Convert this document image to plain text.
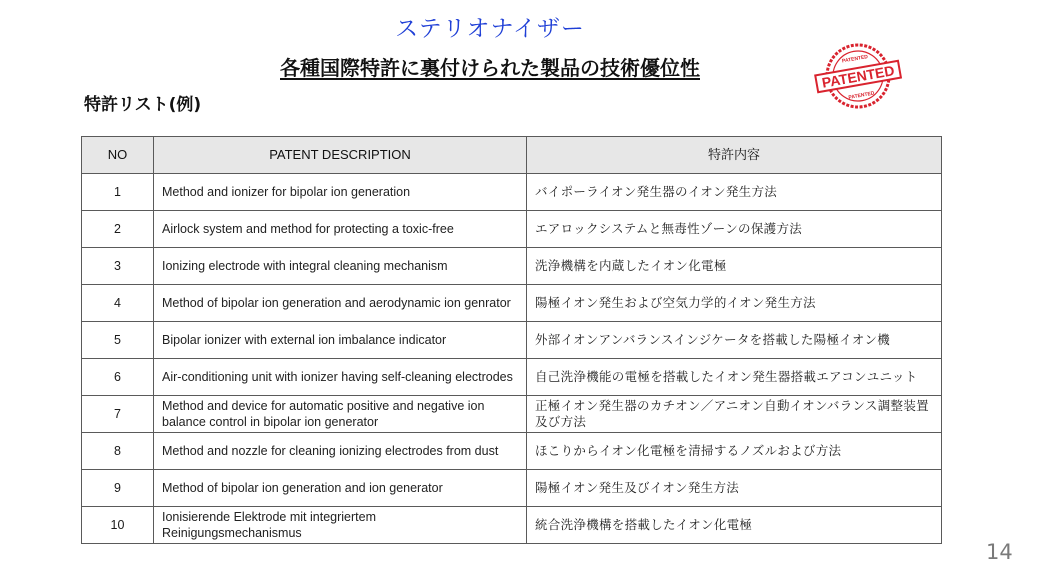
ステリオナイザー
各種国際特許に裏付けられた製品の技術優位性
特許リスト(例)
PATENTED
PATENTED
PATENTED
NO	PATENT DESCRIPTION	特許内容
1	Method and ionizer for bipolar ion generation	バイポーライオン発生器のイオン発生方法
2	Airlock system and method for protecting a toxic-free	エアロックシステムと無毒性ゾーンの保護方法
3	Ionizing electrode with integral cleaning mechanism	洗浄機構を内蔵したイオン化電極
4	Method of bipolar ion generation and aerodynamic ion genrator	陽極イオン発生および空気力学的イオン発生方法
5	Bipolar ionizer with external ion imbalance indicator	外部イオンアンバランスインジケータを搭載した陽極イオン機
6	Air-conditioning unit with ionizer having self-cleaning electrodes	自己洗浄機能の電極を搭載したイオン発生器搭載エアコンユニット
7	Method and device for automatic positive and negative ion balance control in bipolar ion generator	正極イオン発生器のカチオン／アニオン自動イオンバランス調整装置及び方法
8	Method and nozzle for cleaning ionizing electrodes from dust	ほこりからイオン化電極を清掃するノズルおよび方法
9	Method of bipolar ion generation and ion generator	陽極イオン発生及びイオン発生方法
10	Ionisierende Elektrode mit integriertem Reinigungsmechanismus	統合洗浄機構を搭載したイオン化電極
14
